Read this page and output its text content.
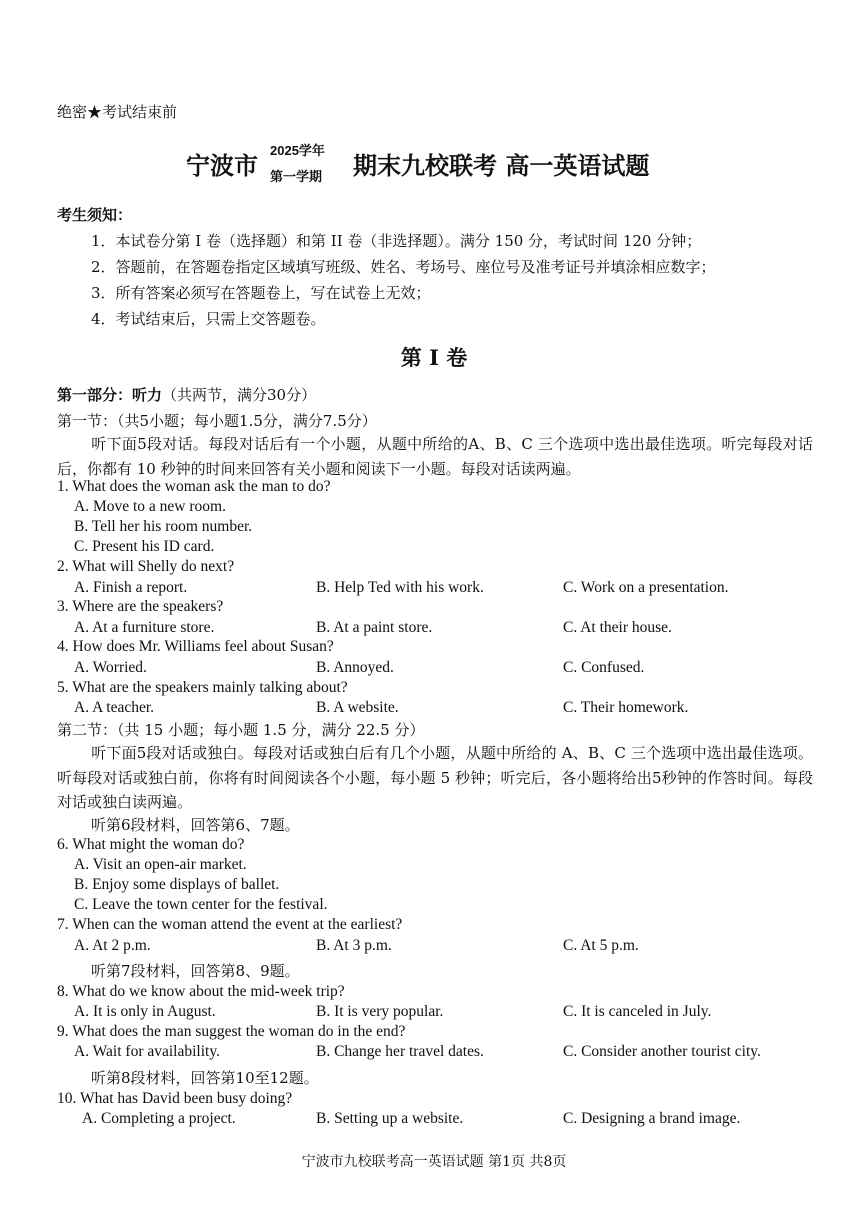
绝密★考试结束前
宁波市
2025学年
第一学期 期末九校联考 高一英语试题
考生须知：
1．本试卷分第 I 卷（选择题）和第 II 卷（非选择题）。满分 150 分，考试时间 120 分钟；
2．答题前，在答题卷指定区域填写班级、姓名、考场号、座位号及准考证号并填涂相应数字；
3．所有答案必须写在答题卷上，写在试卷上无效；
4．考试结束后，只需上交答题卷。
第 I 卷
第一部分：听力（共两节，满分30分）
第一节：（共5小题；每小题1.5分，满分7.5分）
听下面5段对话。每段对话后有一个小题，从题中所给的A、B、C 三个选项中选出最佳选项。听完每段对话后，你都有 10 秒钟的时间来回答有关小题和阅读下一小题。每段对话读两遍。
1. What does the woman ask the man to do?
A. Move to a new room.
B. Tell her his room number.
C. Present his ID card.
2. What will Shelly do next?
A. Finish a report.	B. Help Ted with his work.	C. Work on a presentation.
3. Where are the speakers?
A. At a furniture store.	B. At a paint store.	C. At their house.
4. How does Mr. Williams feel about Susan?
A. Worried.	B. Annoyed.	C. Confused.
5. What are the speakers mainly talking about?
A. A teacher.	B. A website.	C. Their homework.
第二节：（共 15 小题；每小题 1.5 分，满分 22.5 分）
听下面5段对话或独白。每段对话或独白后有几个小题，从题中所给的 A、B、C 三个选项中选出最佳选项。听每段对话或独白前，你将有时间阅读各个小题，每小题 5 秒钟；听完后，各小题将给出5秒钟的作答时间。每段对话或独白读两遍。
听第6段材料，回答第6、7题。
6. What might the woman do?
A. Visit an open-air market.
B. Enjoy some displays of ballet.
C. Leave the town center for the festival.
7. When can the woman attend the event at the earliest?
A. At 2 p.m.	B. At 3 p.m.	C. At 5 p.m.
听第7段材料，回答第8、9题。
8. What do we know about the mid-week trip?
A. It is only in August.	B. It is very popular.	C. It is canceled in July.
9. What does the man suggest the woman do in the end?
A. Wait for availability.	B. Change her travel dates.	C. Consider another tourist city.
听第8段材料，回答第10至12题。
10. What has David been busy doing?
A. Completing a project.	B. Setting up a website.	C. Designing a brand image.
宁波市九校联考高一英语试题 第1页 共8页
